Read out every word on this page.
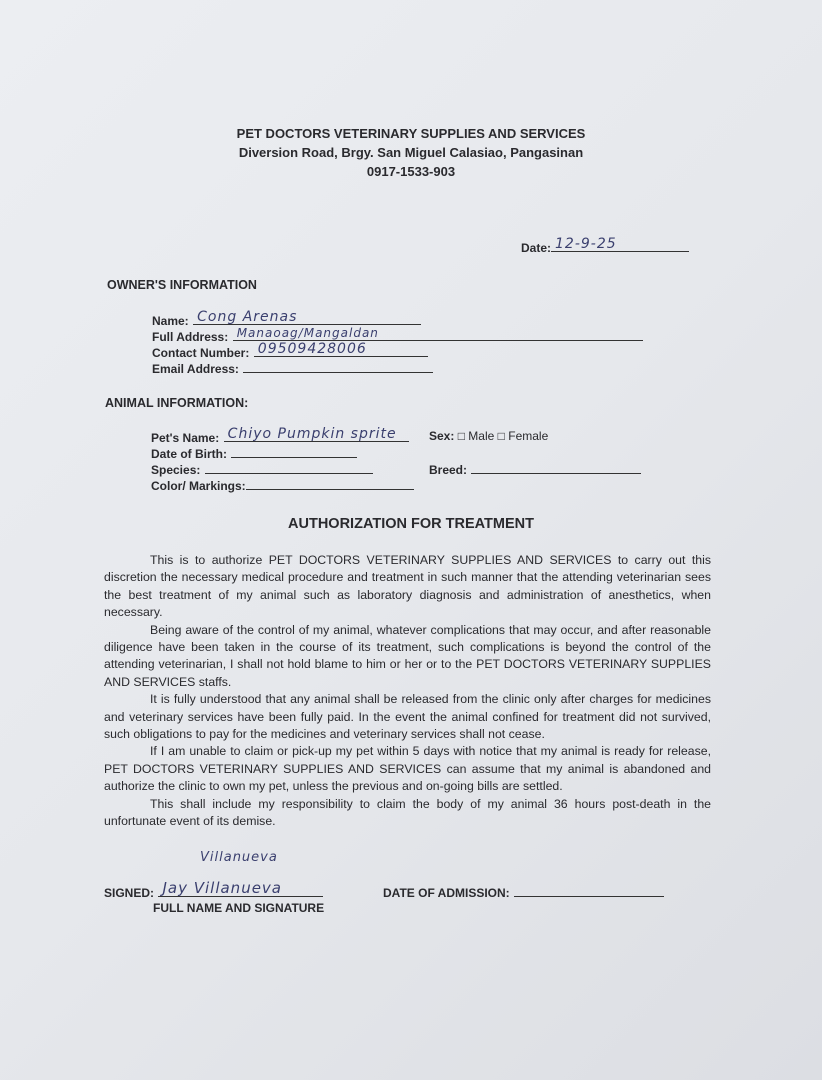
PET DOCTORS VETERINARY SUPPLIES AND SERVICES
Diversion Road, Brgy. San Miguel Calasiao, Pangasinan
0917-1533-903
Date: 12-9-25
OWNER'S INFORMATION
Name: Cong Arenas
Full Address: Manaoag/Mangaldan
Contact Number: 09509428006
Email Address:
ANIMAL INFORMATION:
Pet's Name: Chiyo Pumpkin sprite
Date of Birth:
Species:
Color/ Markings:
Sex: □ Male □ Female
Breed:
AUTHORIZATION FOR TREATMENT

This is to authorize PET DOCTORS VETERINARY SUPPLIES AND SERVICES to carry out this discretion the necessary medical procedure and treatment in such manner that the attending veterinarian sees the best treatment of my animal such as laboratory diagnosis and administration of anesthetics, when necessary.

Being aware of the control of my animal, whatever complications that may occur, and after reasonable diligence have been taken in the course of its treatment, such complications is beyond the control of the attending veterinarian, I shall not hold blame to him or her or to the PET DOCTORS VETERINARY SUPPLIES AND SERVICES staffs.

It is fully understood that any animal shall be released from the clinic only after charges for medicines and veterinary services have been fully paid. In the event the animal confined for treatment did not survived, such obligations to pay for the medicines and veterinary services shall not cease.

If I am unable to claim or pick-up my pet within 5 days with notice that my animal is ready for release, PET DOCTORS VETERINARY SUPPLIES AND SERVICES can assume that my animal is abandoned and authorize the clinic to own my pet, unless the previous and on-going bills are settled.

This shall include my responsibility to claim the body of my animal 36 hours post-death in the unfortunate event of its demise.

Villanueva
SIGNED: Jay Villanueva
FULL NAME AND SIGNATURE
DATE OF ADMISSION:
